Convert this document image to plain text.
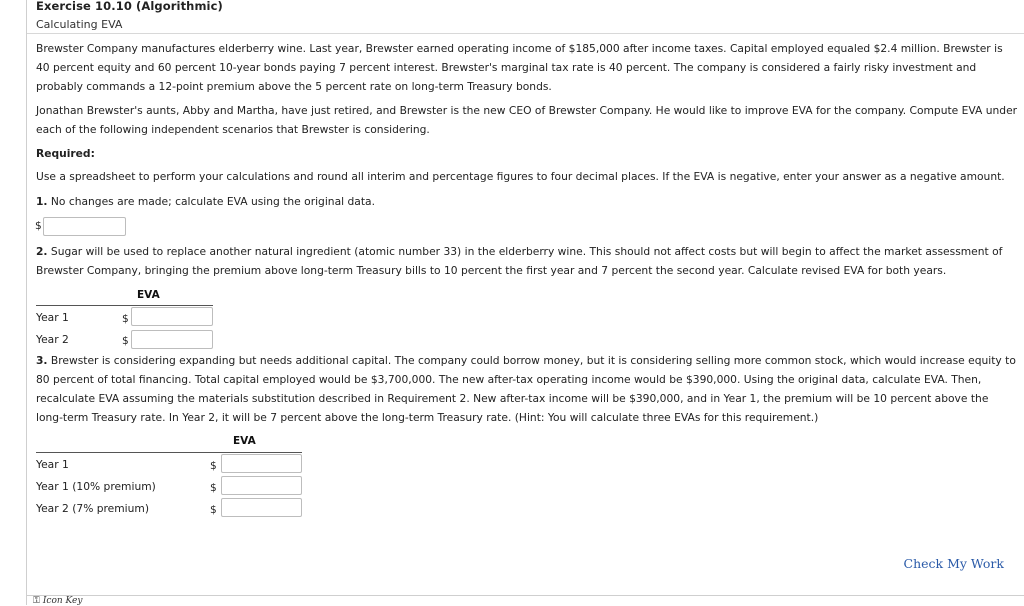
Exercise 10.10 (Algorithmic)
Calculating EVA
Brewster Company manufactures elderberry wine. Last year, Brewster earned operating income of $185,000 after income taxes. Capital employed equaled $2.4 million. Brewster is 40 percent equity and 60 percent 10-year bonds paying 7 percent interest. Brewster's marginal tax rate is 40 percent. The company is considered a fairly risky investment and probably commands a 12-point premium above the 5 percent rate on long-term Treasury bonds.
Jonathan Brewster's aunts, Abby and Martha, have just retired, and Brewster is the new CEO of Brewster Company. He would like to improve EVA for the company. Compute EVA under each of the following independent scenarios that Brewster is considering.
Required:
Use a spreadsheet to perform your calculations and round all interim and percentage figures to four decimal places. If the EVA is negative, enter your answer as a negative amount.
1. No changes are made; calculate EVA using the original data.
$
2. Sugar will be used to replace another natural ingredient (atomic number 33) in the elderberry wine. This should not affect costs but will begin to affect the market assessment of Brewster Company, bringing the premium above long-term Treasury bills to 10 percent the first year and 7 percent the second year. Calculate revised EVA for both years.
EVA
Year 1	$
Year 2	$
3. Brewster is considering expanding but needs additional capital. The company could borrow money, but it is considering selling more common stock, which would increase equity to 80 percent of total financing. Total capital employed would be $3,700,000. The new after-tax operating income would be $390,000. Using the original data, calculate EVA. Then, recalculate EVA assuming the materials substitution described in Requirement 2. New after-tax income will be $390,000, and in Year 1, the premium will be 10 percent above the long-term Treasury rate. In Year 2, it will be 7 percent above the long-term Treasury rate. (Hint: You will calculate three EVAs for this requirement.)
EVA
Year 1	$
Year 1 (10% premium)	$
Year 2 (7% premium)	$
Check My Work
⚿ Icon Key
